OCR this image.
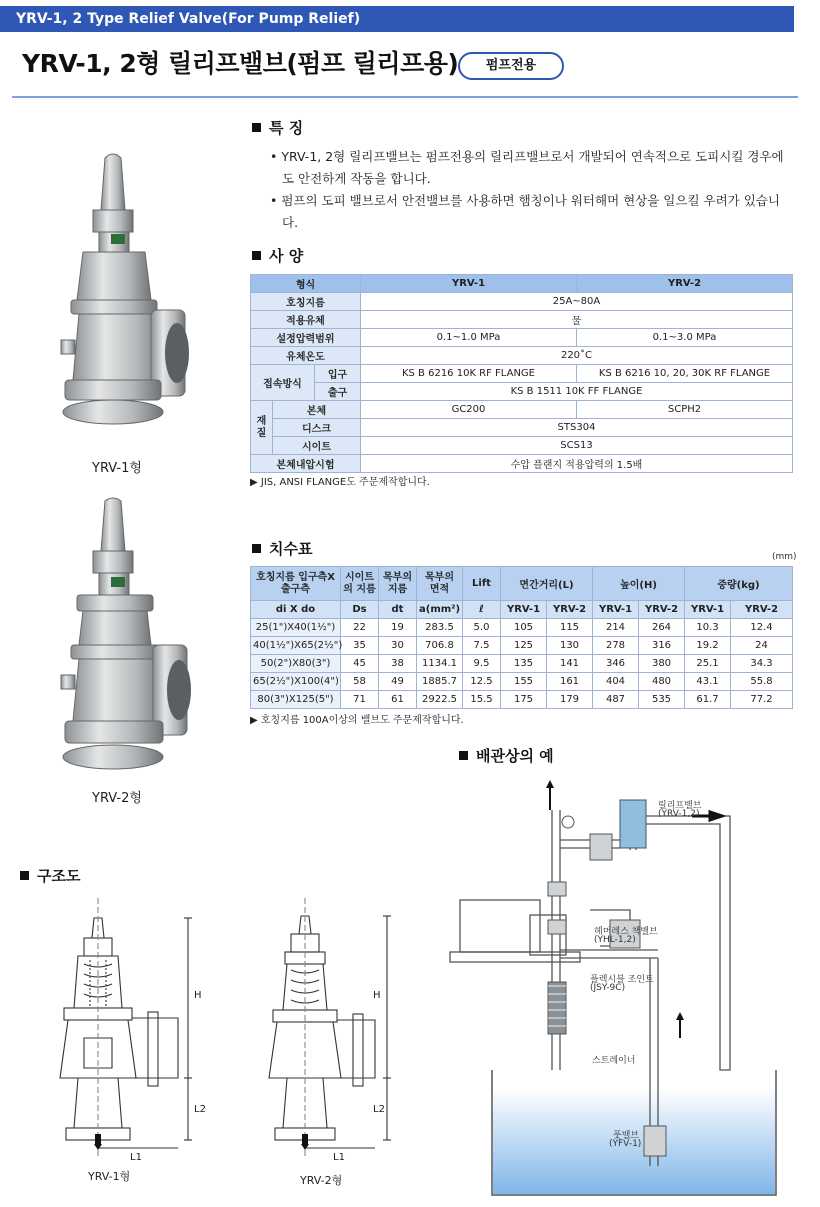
YRV-1, 2 Type Relief Valve(For Pump Relief)
YRV-1, 2형 릴리프밸브(펌프 릴리프용)	펌프전용
YRV-1형
YRV-2형
특 징

• YRV-1, 2형 릴리프밸브는 펌프전용의 릴리프밸브로서 개발되어 연속적으로 도피시킬 경우에도 안전하게 작동을 합니다.

• 펌프의 도피 밸브로서 안전밸브를 사용하면 햄칭이나 워터해머 현상을 일으킬 우려가 있습니다.

사 양
형식			YRV-1	YRV-2
호칭지름			25A~80A	
적용유체			물	
설정압력범위			0.1~1.0 MPa	0.1~3.0 MPa
유체온도			220˚C	
접속방식		입구	KS B 6216 10K RF FLANGE	KS B 6216 10, 20, 30K RF FLANGE
		출구	KS B 1511 10K FF FLANGE	
재질	본체		GC200	SCPH2
	디스크		STS304	
	시이트		SCS13	
본체내압시험			수압 플랜지 적용압력의 1.5배	
▶ JIS, ANSI FLANGE도 주문제작합니다.
치수표	(mm)
호칭지름 입구측X출구측	시이트의 지름	목부의 지름	목부의 면적	Lift	면간거리(L)		높이(H)		중량(kg)	
di X do	Ds	dt	a(mm²)	ℓ	YRV-1	YRV-2	YRV-1	YRV-2	YRV-1	YRV-2
25(1")X40(1½")	22	19	283.5	5.0	105	115	214	264	10.3	12.4
40(1½")X65(2½")	35	30	706.8	7.5	125	130	278	316	19.2	24
50(2")X80(3")	45	38	1134.1	9.5	135	141	346	380	25.1	34.3
65(2½")X100(4")	58	49	1885.7	12.5	155	161	404	480	43.1	55.8
80(3")X125(5")	71	61	2922.5	15.5	175	179	487	535	61.7	77.2
▶ 호칭지름 100A이상의 밸브도 주문제작합니다.
구조도
H
L2
L1
YRV-1형
H
L2
L1
YRV-2형
배관상의 예
릴리프밸브
(YRV-1,2)
헤머레스 책밸브
(YHL-1,2)
플렉시블 조인트
(JSY-9C)
스트레이너
풋밸브
(YFV-1)
